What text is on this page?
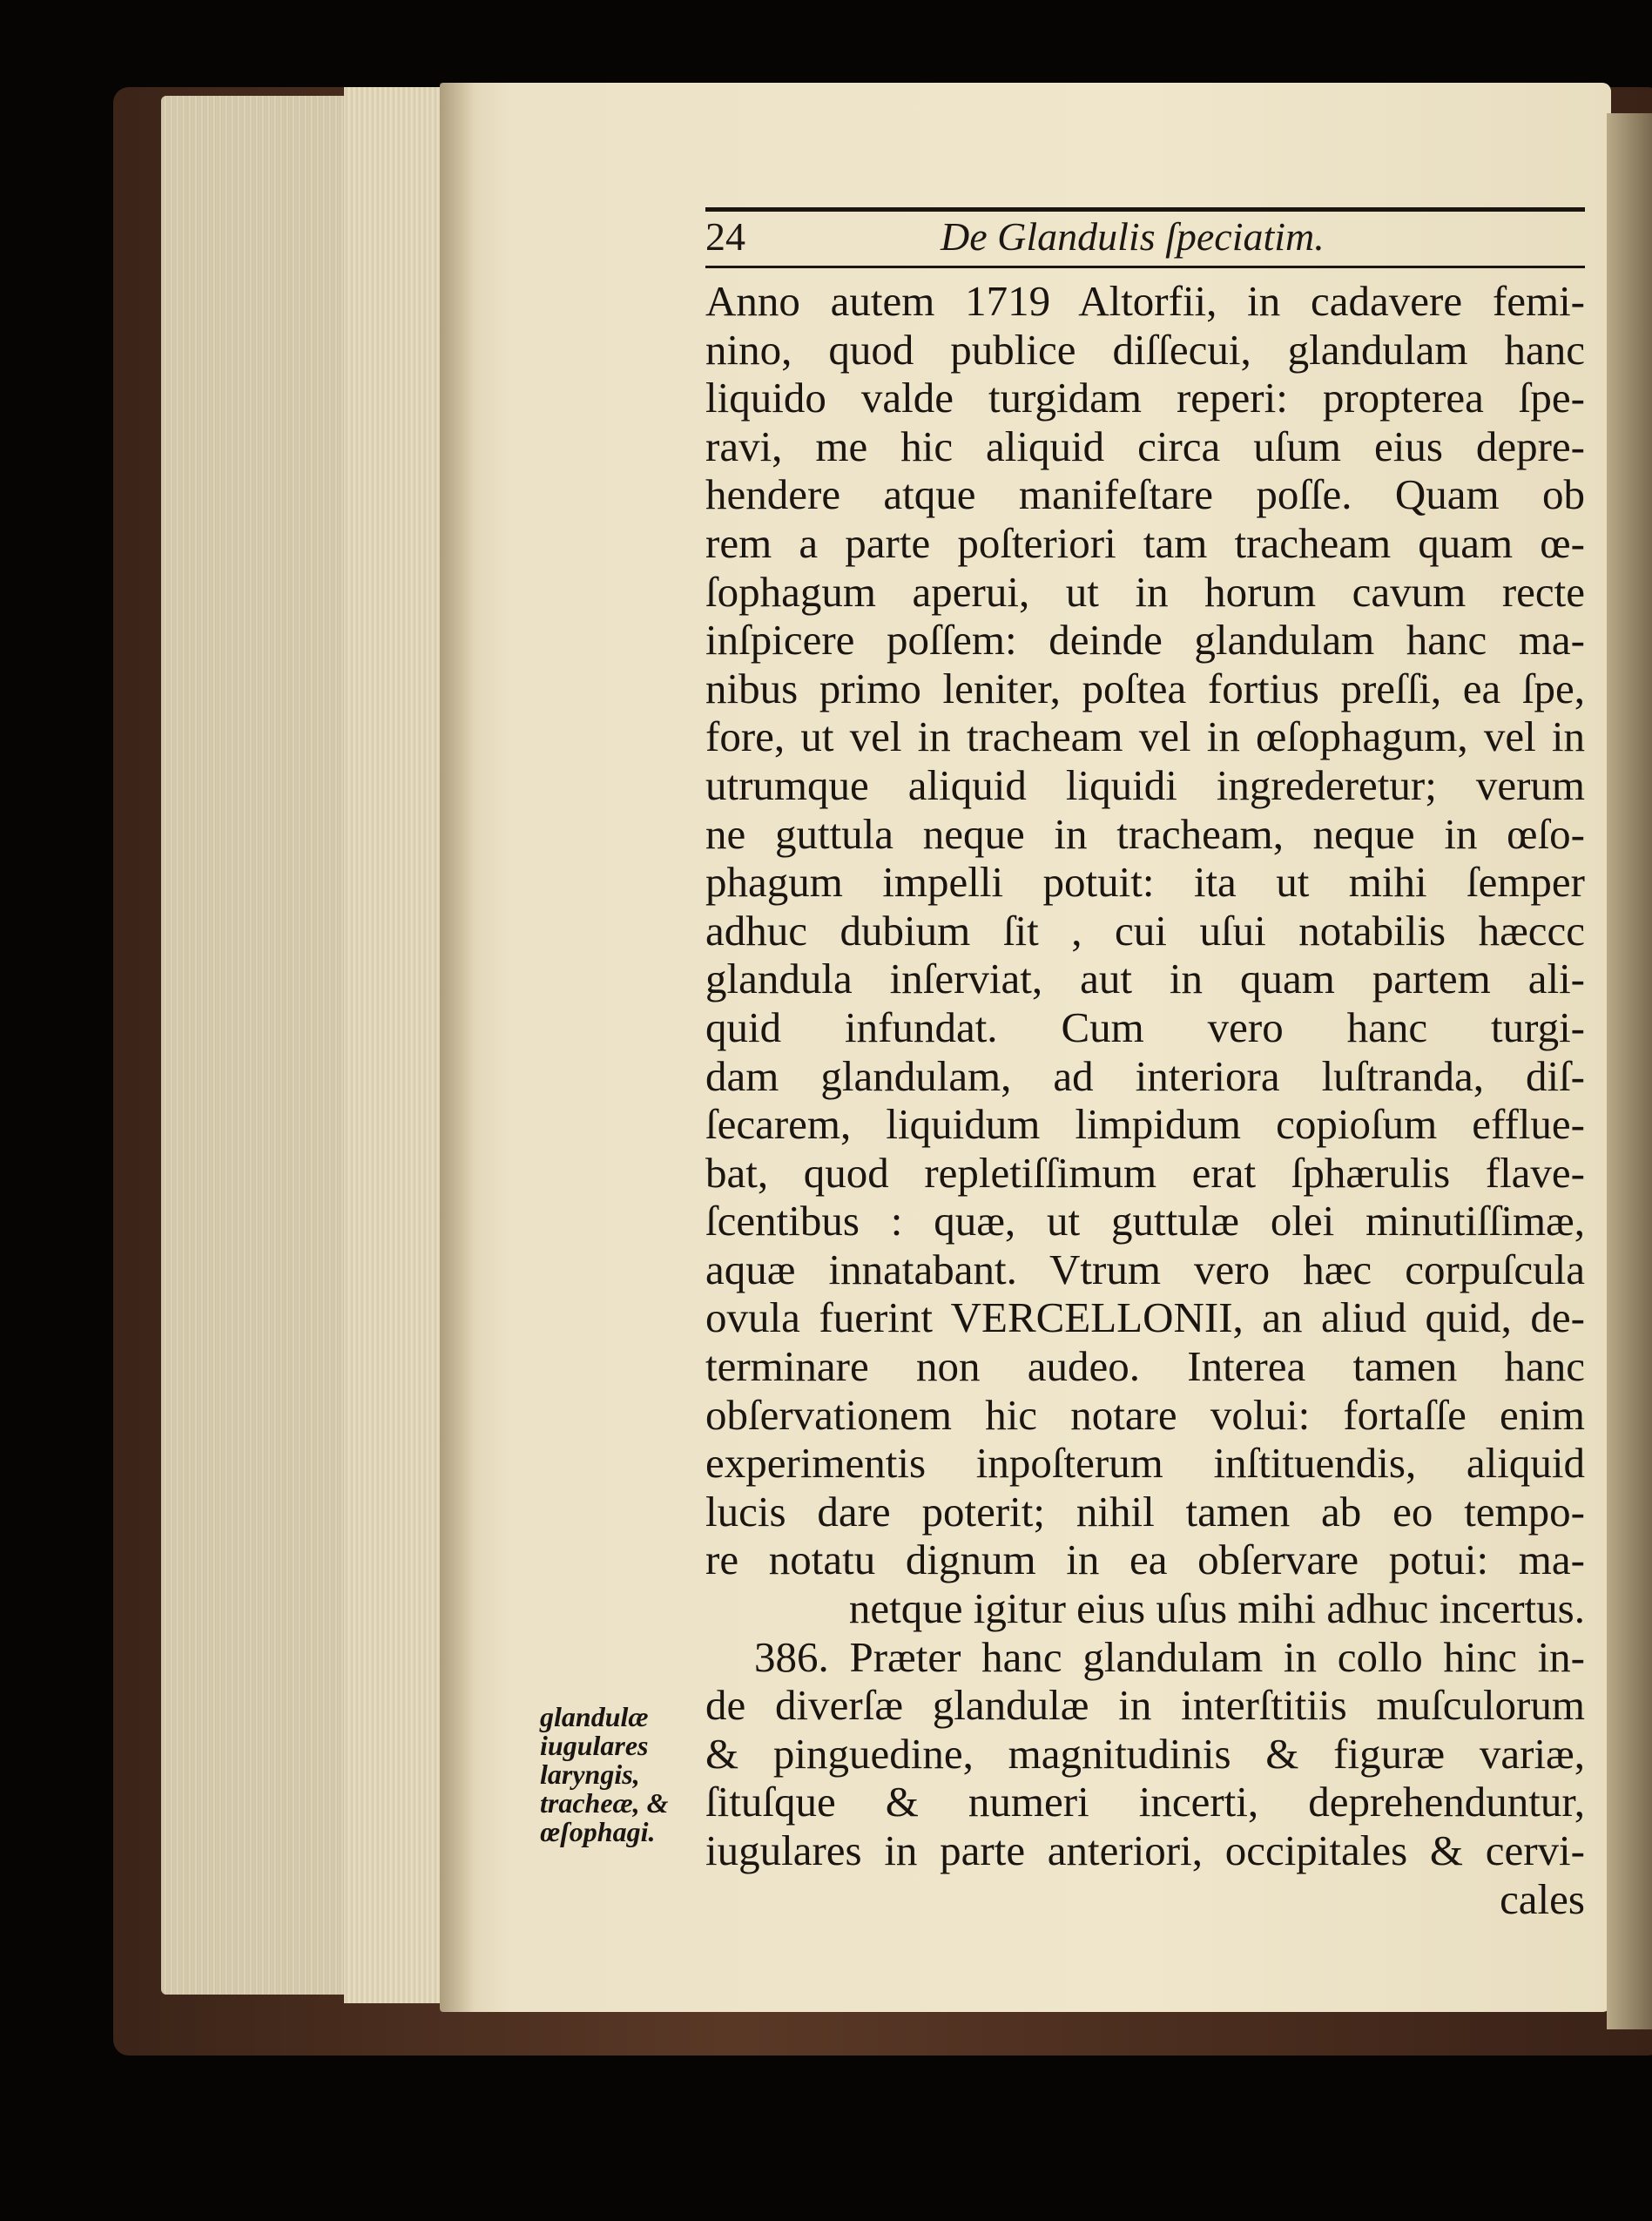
24	De Glandulis ſpeciatim.
Anno autem 1719 Altorfii, in cadavere femi-
nino, quod publice diſſecui, glandulam hanc
liquido valde turgidam reperi: propterea ſpe-
ravi, me hic aliquid circa uſum eius depre-
hendere atque manifeſtare poſſe. Quam ob
rem a parte poſteriori tam tracheam quam œ-
ſophagum aperui, ut in horum cavum recte
inſpicere poſſem: deinde glandulam hanc ma-
nibus primo leniter, poſtea fortius preſſi, ea ſpe,
fore, ut vel in tracheam vel in œſophagum, vel in
utrumque aliquid liquidi ingrederetur; verum
ne guttula neque in tracheam, neque in œſo-
phagum impelli potuit: ita ut mihi ſemper
adhuc dubium ſit , cui uſui notabilis hæccc
glandula inſerviat, aut in quam partem ali-
quid infundat. Cum vero hanc turgi-
dam glandulam, ad interiora luſtranda, diſ-
ſecarem, liquidum limpidum copioſum efflue-
bat, quod repletiſſimum erat ſphærulis flave-
ſcentibus : quæ, ut guttulæ olei minutiſſimæ,
aquæ innatabant. Vtrum vero hæc corpuſcula
ovula fuerint VERCELLONII, an aliud quid, de-
terminare non audeo. Interea tamen hanc
obſervationem hic notare volui: fortaſſe enim
experimentis inpoſterum inſtituendis, aliquid
lucis dare poterit; nihil tamen ab eo tempo-
re notatu dignum in ea obſervare potui: ma-
netque igitur eius uſus mihi adhuc incertus.
386. Præter hanc glandulam in collo hinc in-
de diverſæ glandulæ in interſtitiis muſculorum
& pinguedine, magnitudinis & figuræ variæ,
ſituſque & numeri incerti, deprehenduntur,
iugulares in parte anteriori, occipitales & cervi-
cales
glandulæ
iugulares
laryngis,
tracheæ, &
œſophagi.
